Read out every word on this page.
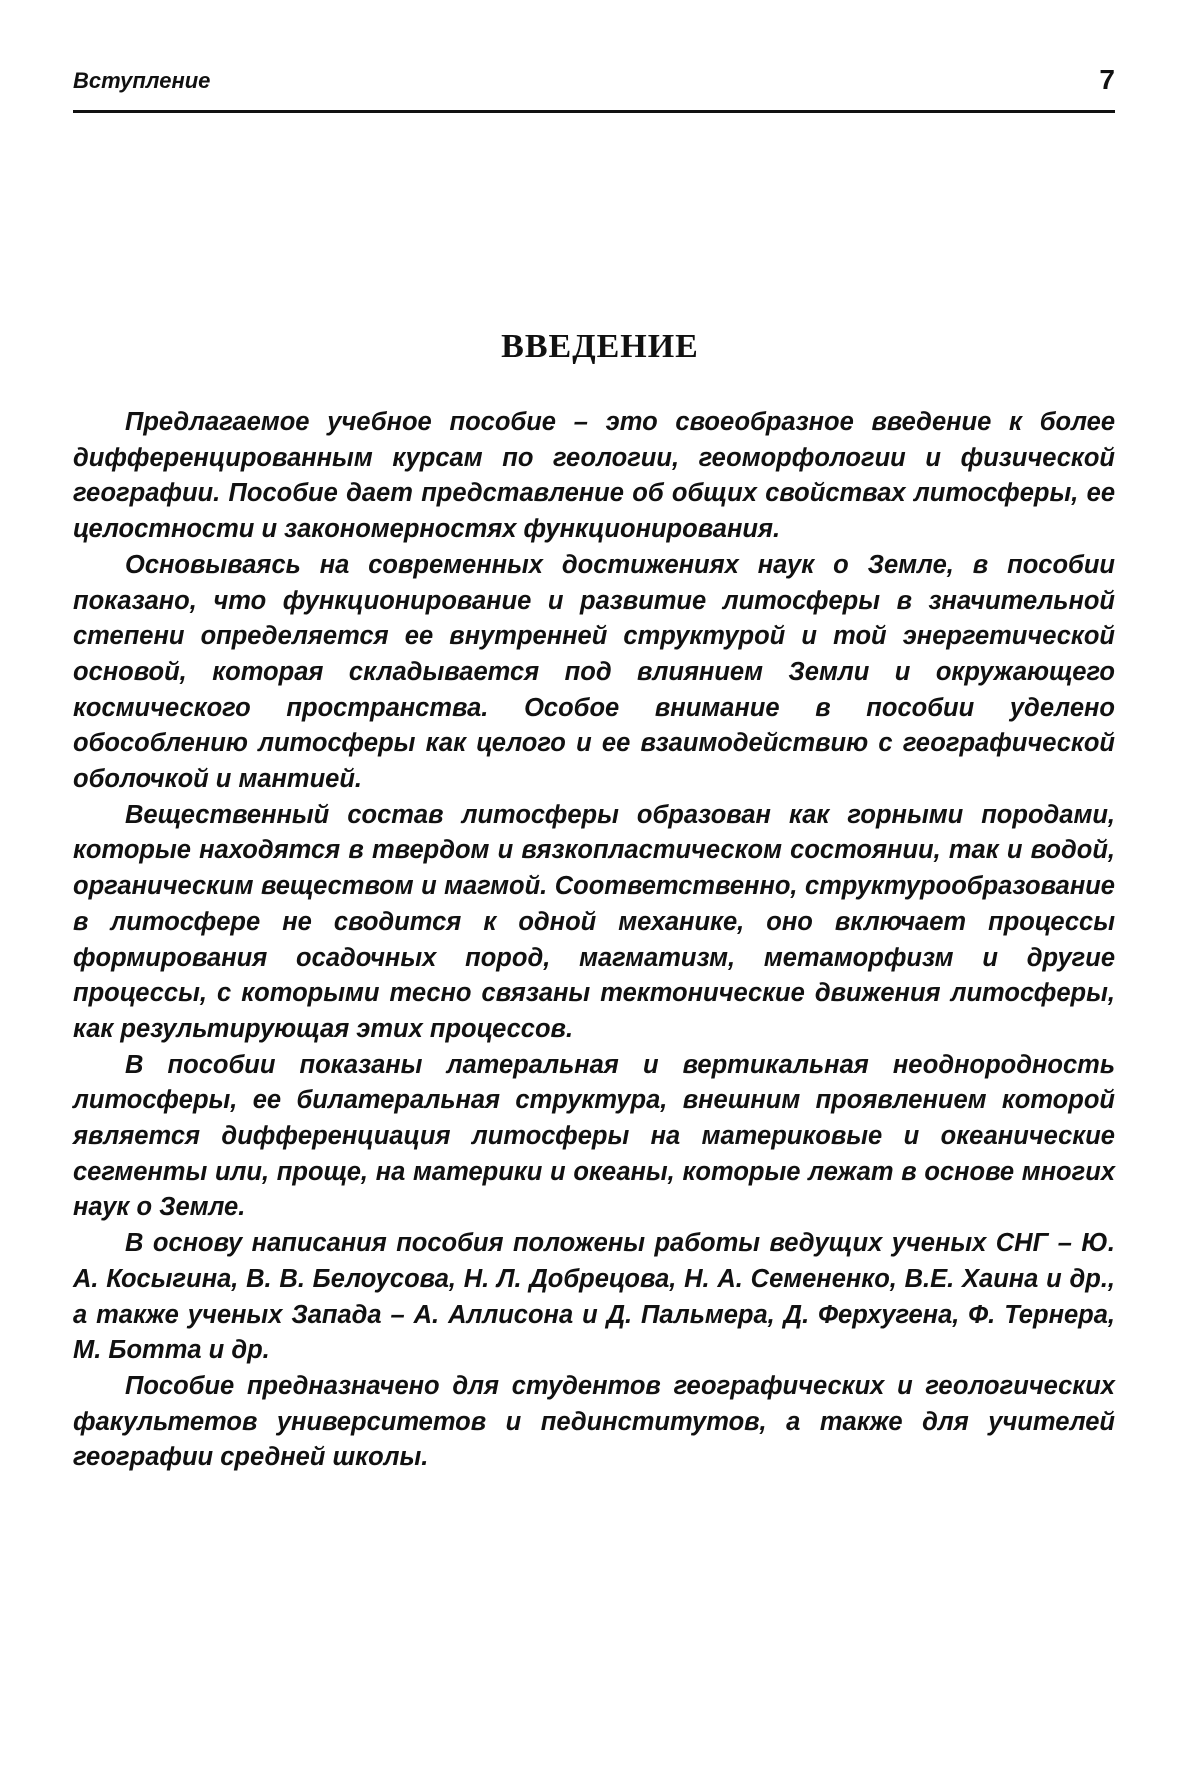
Вступление	7
ВВЕДЕНИЕ

Предлагаемое учебное пособие – это своеобразное введение к более дифференцированным курсам по геологии, геоморфологии и физической географии. Пособие дает представление об общих свойствах литосферы, ее целостности и закономерностях функционирования.

Основываясь на современных достижениях наук о Земле, в пособии показано, что функционирование и развитие литосферы в значительной степени определяется ее внутренней структурой и той энергетической основой, которая складывается под влиянием Земли и окружающего космического пространства. Особое внимание в пособии уделено обособлению литосферы как целого и ее взаимодействию с географической оболочкой и мантией.

Вещественный состав литосферы образован как горными породами, которые находятся в твердом и вязкопластическом состоянии, так и водой, органическим веществом и магмой. Соответственно, структурообразование в литосфере не сводится к одной механике, оно включает процессы формирования осадочных пород, магматизм, метаморфизм и другие процессы, с которыми тесно связаны тектонические движения литосферы, как результирующая этих процессов.

В пособии показаны латеральная и вертикальная неоднородность литосферы, ее билатеральная структура, внешним проявлением которой является дифференциация литосферы на материковые и океанические сегменты или, проще, на материки и океаны, которые лежат в основе многих наук о Земле.

В основу написания пособия положены работы ведущих ученых СНГ – Ю. А. Косыгина, В. В. Белоусова, Н. Л. Добрецова, Н. А. Семененко, В.Е. Хаина и др., а также ученых Запада – А. Аллисона и Д. Пальмера, Д. Ферхугена, Ф. Тернера, М. Ботта и др.

Пособие предназначено для студентов географических и геологических факультетов университетов и пединститутов, а также для учителей географии средней школы.
